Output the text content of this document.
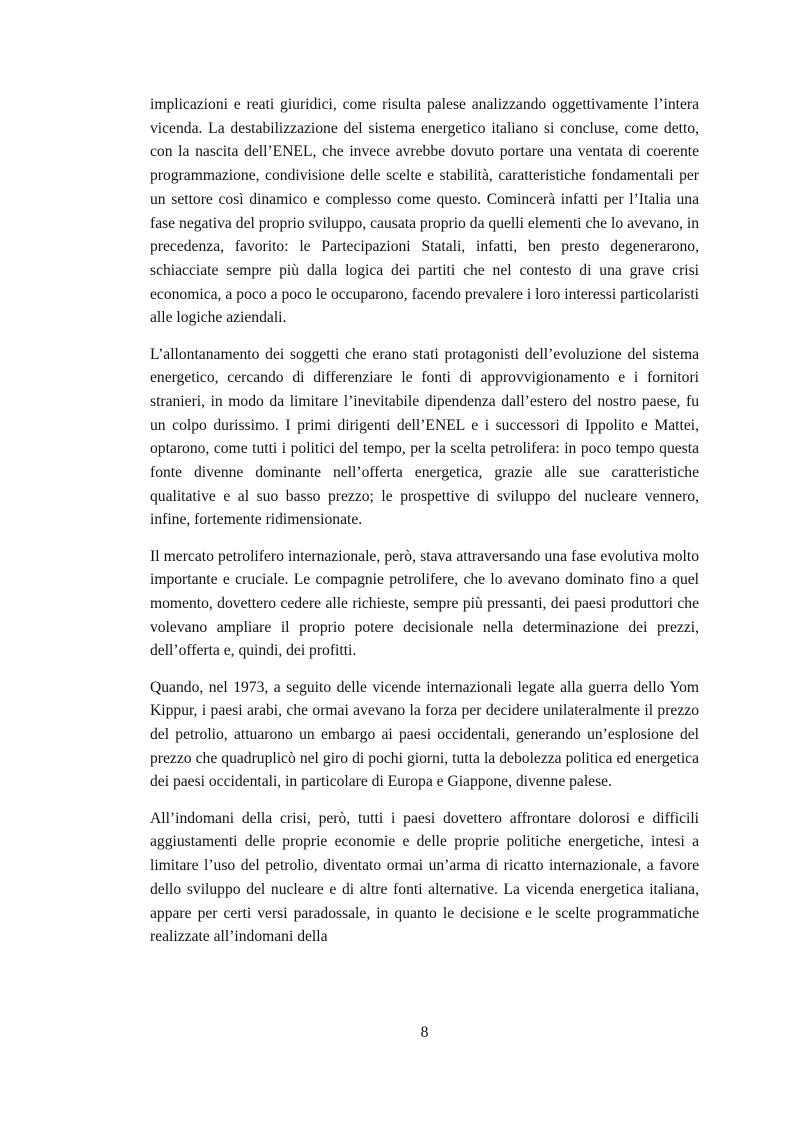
implicazioni e reati giuridici, come risulta palese analizzando oggettivamente l’intera vicenda. La destabilizzazione del sistema energetico italiano si concluse, come detto, con la nascita dell’ENEL, che invece avrebbe dovuto portare una ventata di coerente programmazione, condivisione delle scelte e stabilità, caratteristiche fondamentali per un settore così dinamico e complesso come questo. Comincerà infatti per l’Italia una fase negativa del proprio sviluppo, causata proprio da quelli elementi che lo avevano, in precedenza, favorito: le Partecipazioni Statali, infatti, ben presto degenerarono, schiacciate sempre più dalla logica dei partiti che nel contesto di una grave crisi economica, a poco a poco le occuparono, facendo prevalere i loro interessi particolaristi alle logiche aziendali.

L’allontanamento dei soggetti che erano stati protagonisti dell’evoluzione del sistema energetico, cercando di differenziare le fonti di approvvigionamento e i fornitori stranieri, in modo da limitare l’inevitabile dipendenza dall’estero del nostro paese, fu un colpo durissimo. I primi dirigenti dell’ENEL e i successori di Ippolito e Mattei, optarono, come tutti i politici del tempo, per la scelta petrolifera: in poco tempo questa fonte divenne dominante nell’offerta energetica, grazie alle sue caratteristiche qualitative e al suo basso prezzo; le prospettive di sviluppo del nucleare vennero, infine, fortemente ridimensionate.

Il mercato petrolifero internazionale, però, stava attraversando una fase evolutiva molto importante e cruciale. Le compagnie petrolifere, che lo avevano dominato fino a quel momento, dovettero cedere alle richieste, sempre più pressanti, dei paesi produttori che volevano ampliare il proprio potere decisionale nella determinazione dei prezzi, dell’offerta e, quindi, dei profitti.

Quando, nel 1973, a seguito delle vicende internazionali legate alla guerra dello Yom Kippur, i paesi arabi, che ormai avevano la forza per decidere unilateralmente il prezzo del petrolio, attuarono un embargo ai paesi occidentali, generando un’esplosione del prezzo che quadruplicò nel giro di pochi giorni, tutta la debolezza politica ed energetica dei paesi occidentali, in particolare di Europa e Giappone, divenne palese.

All’indomani della crisi, però, tutti i paesi dovettero affrontare dolorosi e difficili aggiustamenti delle proprie economie e delle proprie politiche energetiche, intesi a limitare l’uso del petrolio, diventato ormai un’arma di ricatto internazionale, a favore dello sviluppo del nucleare e di altre fonti alternative. La vicenda energetica italiana, appare per certi versi paradossale, in quanto le decisione e le scelte programmatiche realizzate all’indomani della

8
